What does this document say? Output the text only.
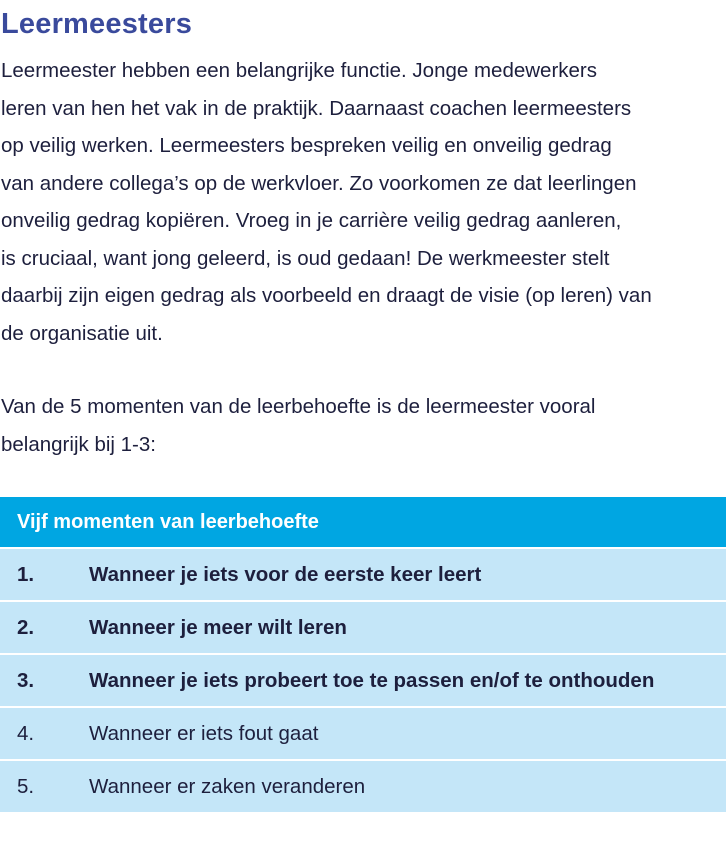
Leermeesters

Leermeester hebben een belangrijke functie. Jonge medewerkers
leren van hen het vak in de praktijk. Daarnaast coachen leermeesters
op veilig werken. Leermeesters bespreken veilig en onveilig gedrag
van andere collega’s op de werkvloer. Zo voorkomen ze dat leerlingen
onveilig gedrag kopiëren. Vroeg in je carrière veilig gedrag aanleren,
is cruciaal, want jong geleerd, is oud gedaan! De werkmeester stelt
daarbij zijn eigen gedrag als voorbeeld en draagt de visie (op leren) van
de organisatie uit.

Van de 5 momenten van de leerbehoefte is de leermeester vooral
belangrijk bij 1-3:

Vijf momenten van leerbehoefte
1.	Wanneer je iets voor de eerste keer leert
2.	Wanneer je meer wilt leren
3.	Wanneer je iets probeert toe te passen en/of te onthouden
4.	Wanneer er iets fout gaat
5.	Wanneer er zaken veranderen
